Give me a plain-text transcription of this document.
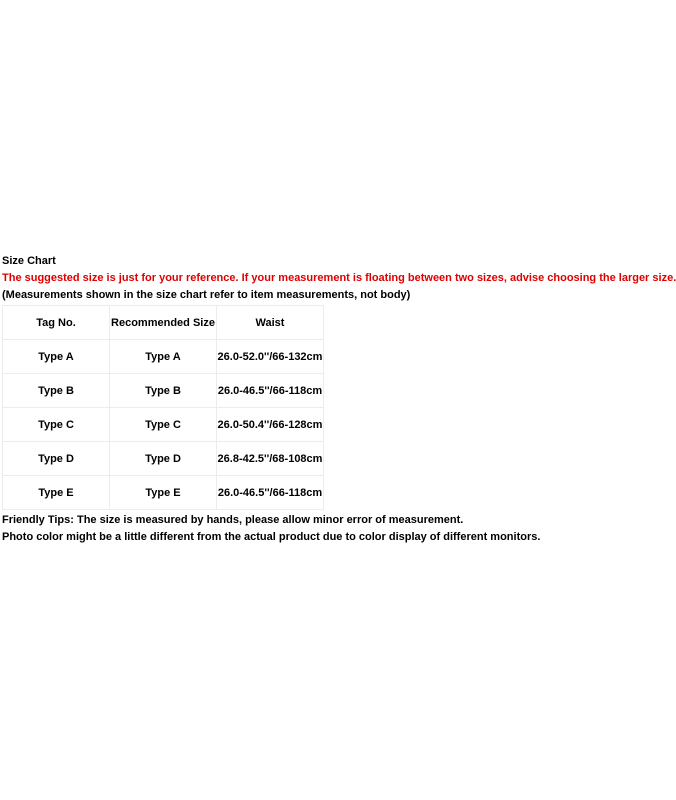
Size Chart
The suggested size is just for your reference. If your measurement is floating between two sizes, advise choosing the larger size.
(Measurements shown in the size chart refer to item measurements, not body)
Tag No.	Recommended Size	Waist
Type A	Type A	26.0-52.0''/66-132cm
Type B	Type B	26.0-46.5''/66-118cm
Type C	Type C	26.0-50.4''/66-128cm
Type D	Type D	26.8-42.5''/68-108cm
Type E	Type E	26.0-46.5''/66-118cm
Friendly Tips: The size is measured by hands, please allow minor error of measurement.
Photo color might be a little different from the actual product due to color display of different monitors.
